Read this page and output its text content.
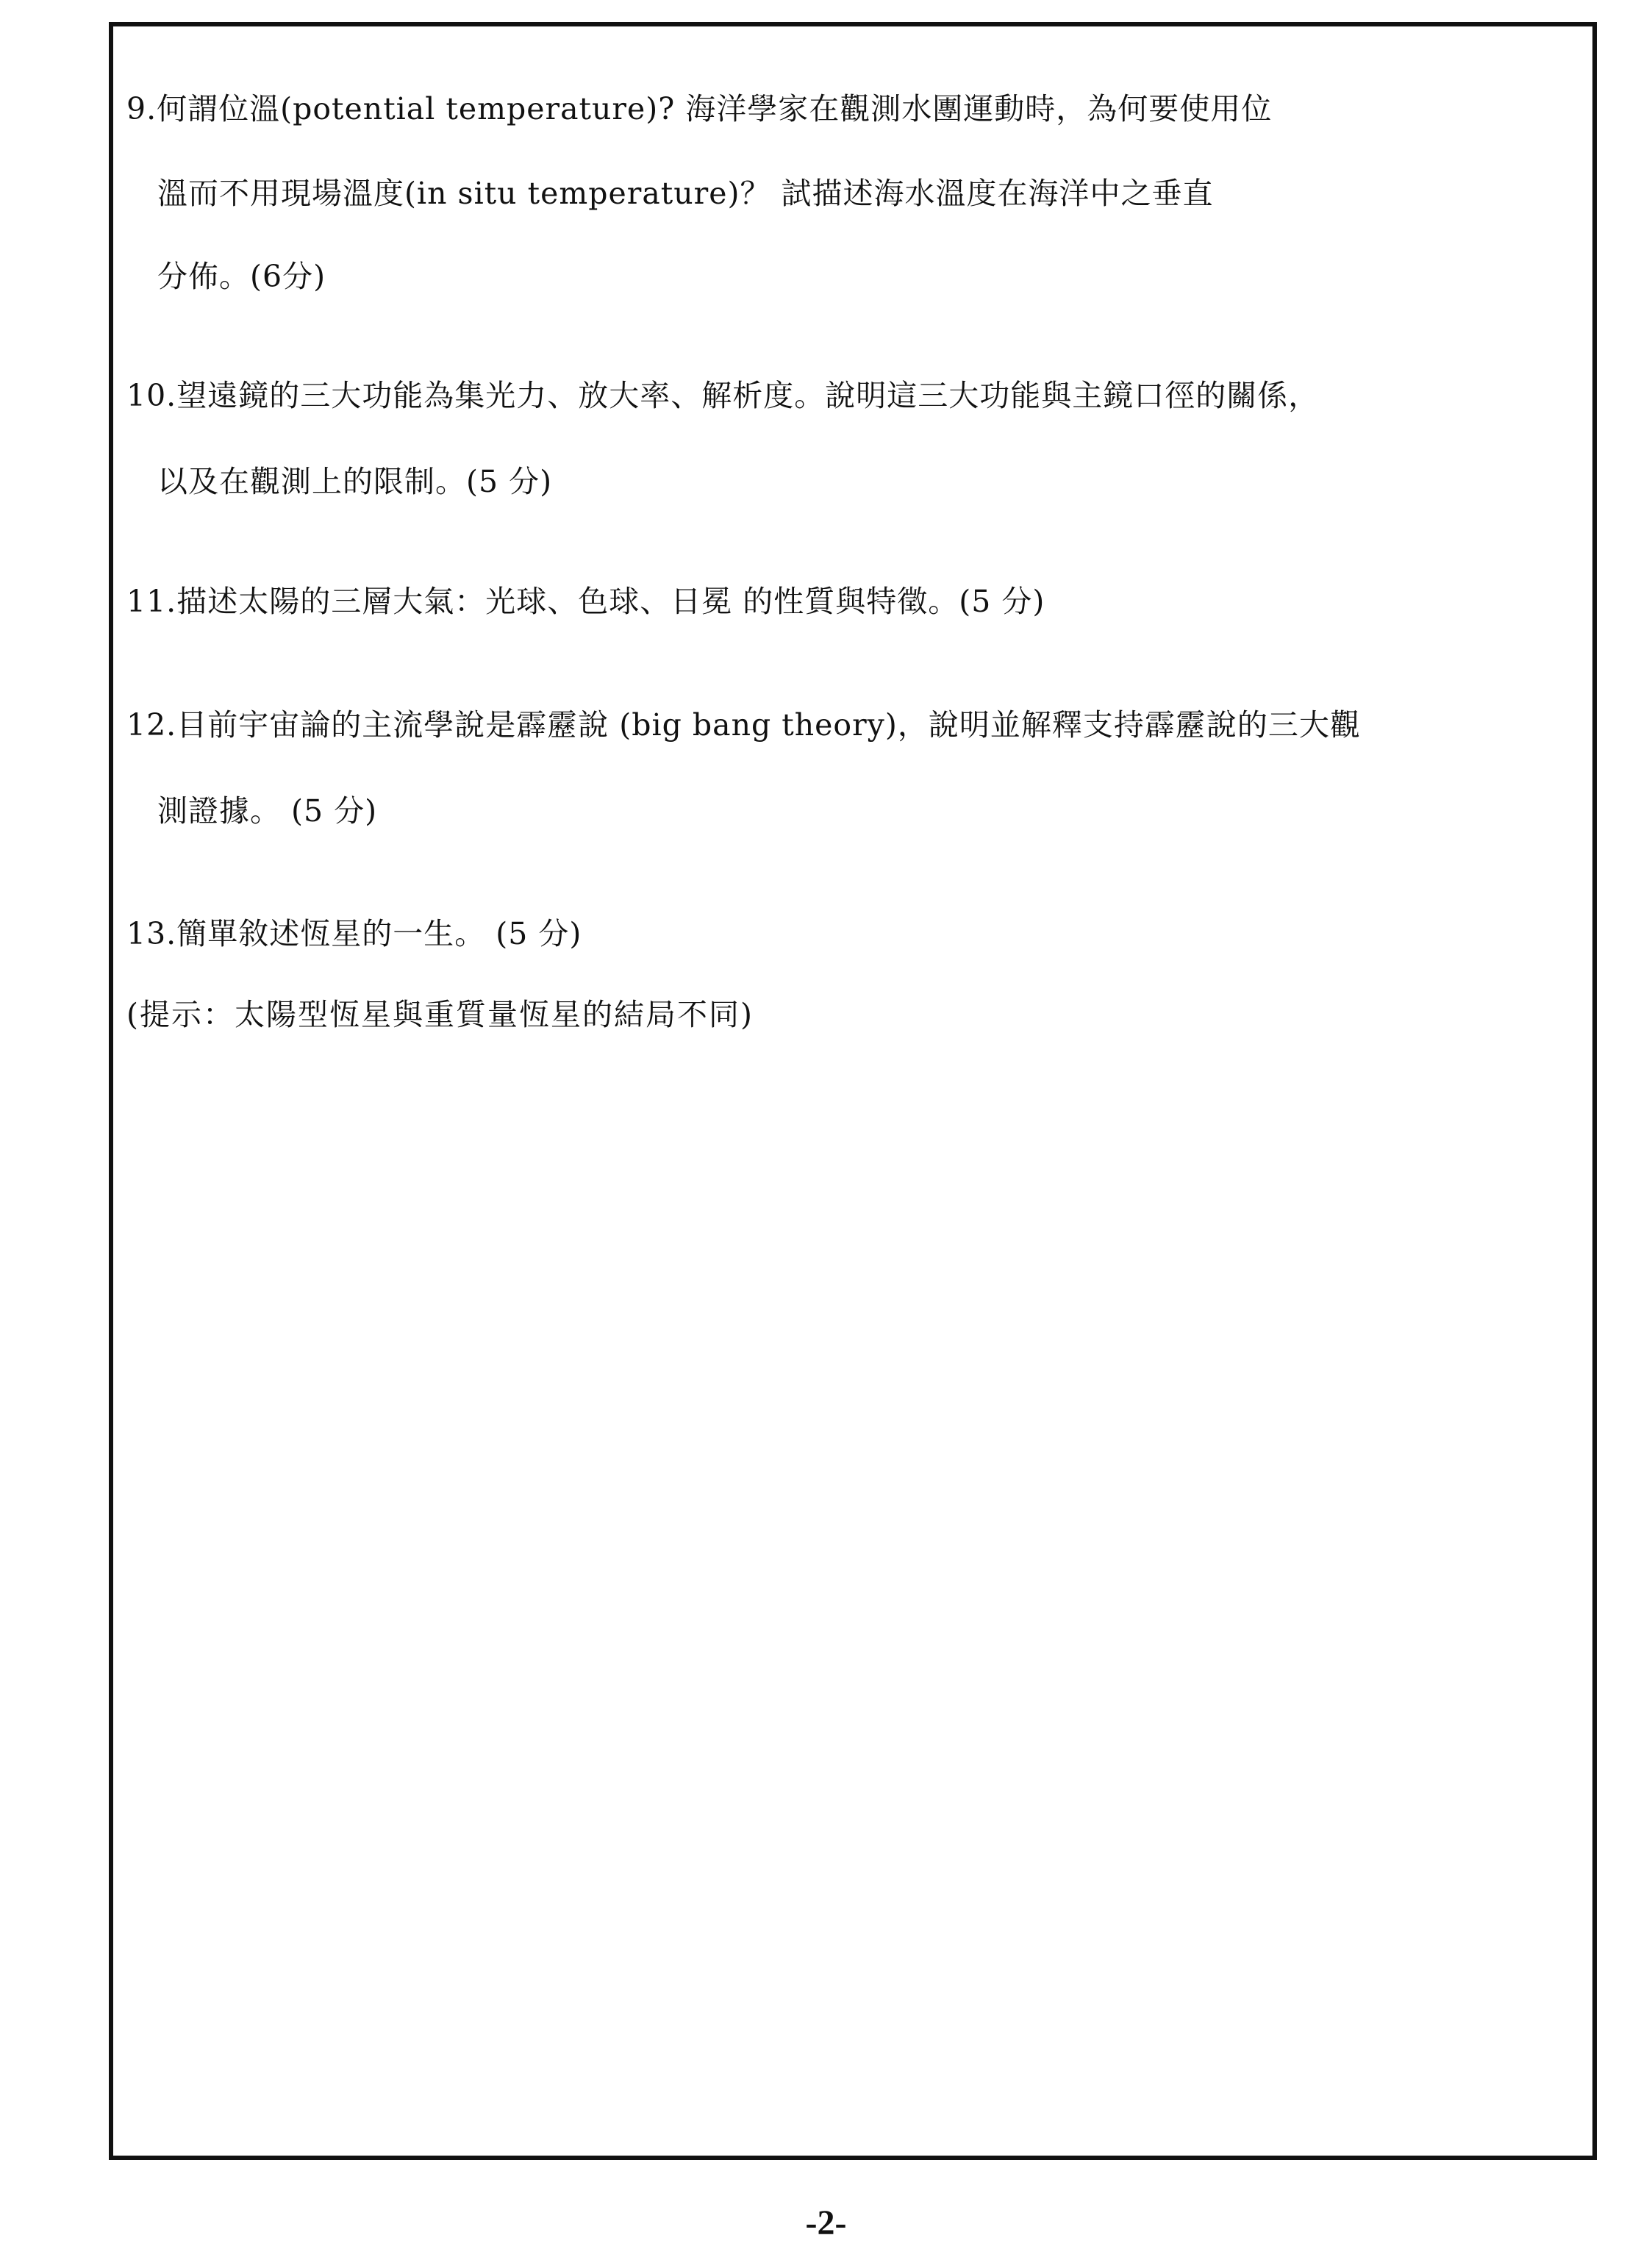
9.何謂位溫(potential temperature)? 海洋學家在觀測水團運動時，為何要使用位
溫而不用現場溫度(in situ temperature)？ 試描述海水溫度在海洋中之垂直
分佈。(6分)
10.望遠鏡的三大功能為集光力、放大率、解析度。說明這三大功能與主鏡口徑的關係，
以及在觀測上的限制。(5 分)
11.描述太陽的三層大氣：光球、色球、日冕 的性質與特徵。(5 分)
12.目前宇宙論的主流學說是霹靂說 (big bang theory)，說明並解釋支持霹靂說的三大觀
測證據。 (5 分)
13.簡單敘述恆星的一生。 (5 分)
(提示：太陽型恆星與重質量恆星的結局不同)
-2-
